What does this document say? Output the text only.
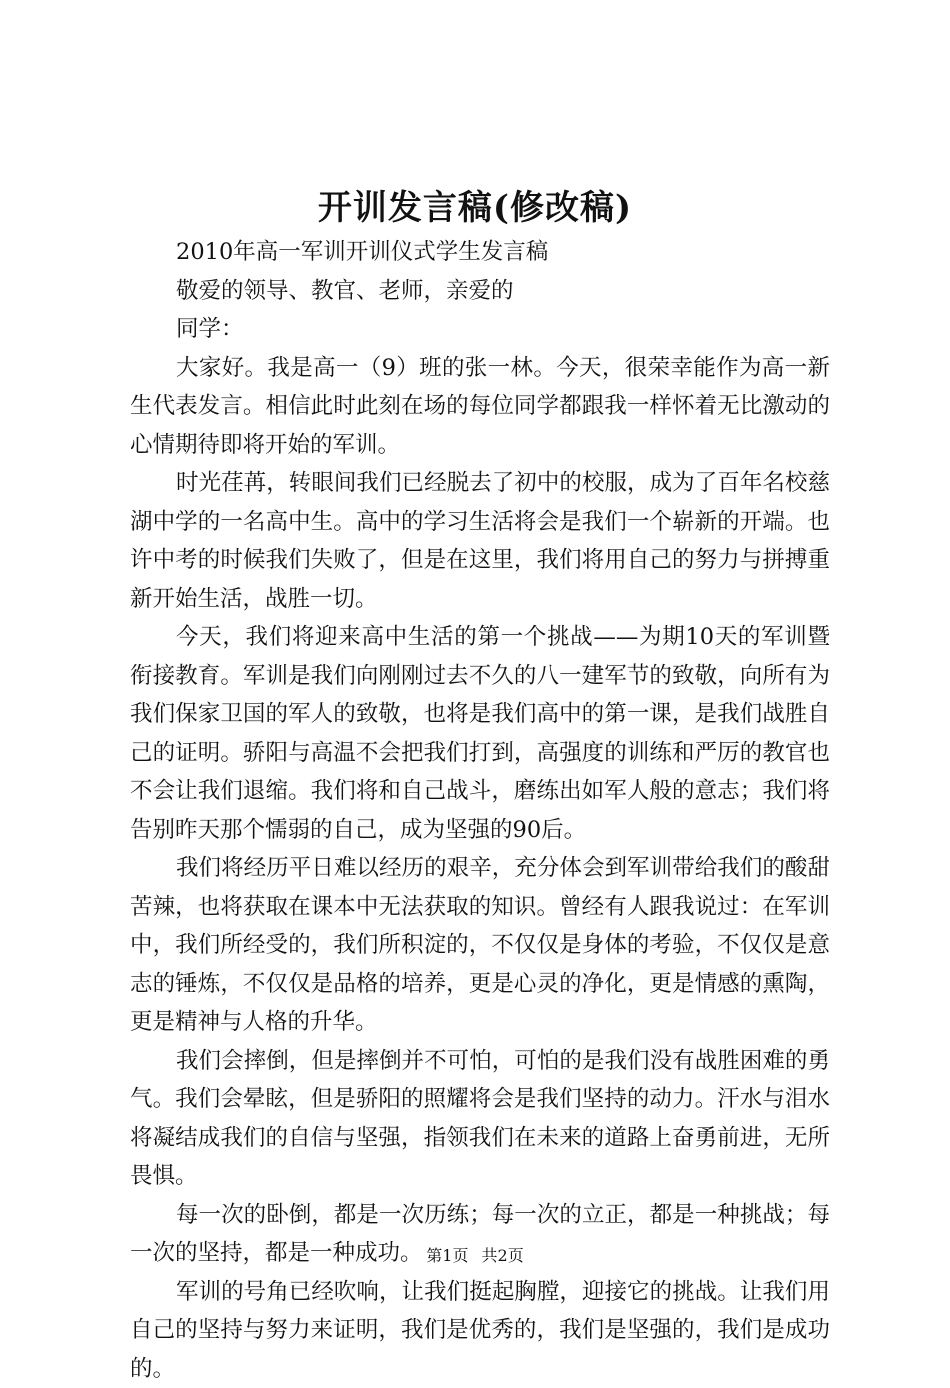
开训发言稿(修改稿)

2010年高一军训开训仪式学生发言稿

敬爱的领导、教官、老师，亲爱的

同学：

大家好。我是高一（9）班的张一林。今天，很荣幸能作为高一新生代表发言。相信此时此刻在场的每位同学都跟我一样怀着无比激动的心情期待即将开始的军训。

时光荏苒，转眼间我们已经脱去了初中的校服，成为了百年名校慈湖中学的一名高中生。高中的学习生活将会是我们一个崭新的开端。也许中考的时候我们失败了，但是在这里，我们将用自己的努力与拼搏重新开始生活，战胜一切。

今天，我们将迎来高中生活的第一个挑战——为期10天的军训暨衔接教育。军训是我们向刚刚过去不久的八一建军节的致敬，向所有为我们保家卫国的军人的致敬，也将是我们高中的第一课，是我们战胜自己的证明。骄阳与高温不会把我们打到，高强度的训练和严厉的教官也不会让我们退缩。我们将和自己战斗，磨练出如军人般的意志；我们将告别昨天那个懦弱的自己，成为坚强的90后。

我们将经历平日难以经历的艰辛，充分体会到军训带给我们的酸甜苦辣，也将获取在课本中无法获取的知识。曾经有人跟我说过：在军训中，我们所经受的，我们所积淀的，不仅仅是身体的考验，不仅仅是意志的锤炼，不仅仅是品格的培养，更是心灵的净化，更是情感的熏陶，更是精神与人格的升华。

我们会摔倒，但是摔倒并不可怕，可怕的是我们没有战胜困难的勇气。我们会晕眩，但是骄阳的照耀将会是我们坚持的动力。汗水与泪水将凝结成我们的自信与坚强，指领我们在未来的道路上奋勇前进，无所畏惧。

每一次的卧倒，都是一次历练；每一次的立正，都是一种挑战；每一次的坚持，都是一种成功。

军训的号角已经吹响，让我们挺起胸膛，迎接它的挑战。让我们用自己的坚持与努力来证明，我们是优秀的，我们是坚强的，我们是成功的。

第1页 共2页
